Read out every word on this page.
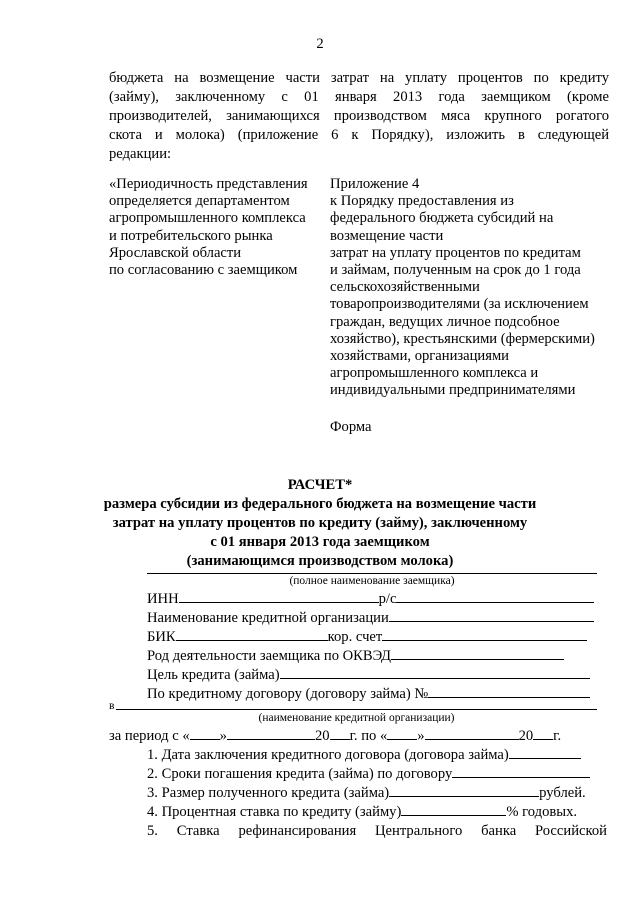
2
бюджета на возмещение части затрат на уплату процентов по кредиту
(займу), заключенному с 01 января 2013 года заемщиком (кроме
производителей, занимающихся производством мяса крупного рогатого
скота и молока) (приложение 6 к Порядку), изложить в следующей
редакции:
«Периодичность представления
определяется департаментом
агропромышленного комплекса
и потребительского рынка
Ярославской области
по согласованию с заемщиком
Приложение 4
к Порядку предоставления из
федерального бюджета субсидий на
возмещение части
затрат на уплату процентов по кредитам
и займам, полученным на срок до 1 года
сельскохозяйственными
товаропроизводителями (за исключением
граждан, ведущих личное подсобное
хозяйство), крестьянскими (фермерскими)
хозяйствами, организациями
агропромышленного комплекса и
индивидуальными предпринимателями
Форма
РАСЧЕТ*
размера субсидии из федерального бюджета на возмещение части
затрат на уплату процентов по кредиту (займу), заключенному
с 01 января 2013 года заемщиком
(занимающимся производством молока)
(полное наименование заемщика)
ИНН	р/с
Наименование кредитной организации
БИК	кор. счет
Род деятельности заемщика по ОКВЭД
Цель кредита (займа)
По кредитному договору (договору займа) №
в
(наименование кредитной организации)
за период с « »	20 г. по « »	20 г.
1. Дата заключения кредитного договора (договора займа)
2. Сроки погашения кредита (займа) по договору
3. Размер полученного кредита (займа)	рублей.
4. Процентная ставка по кредиту (займу)	% годовых.
5. Ставка рефинансирования Центрального банка Российской
